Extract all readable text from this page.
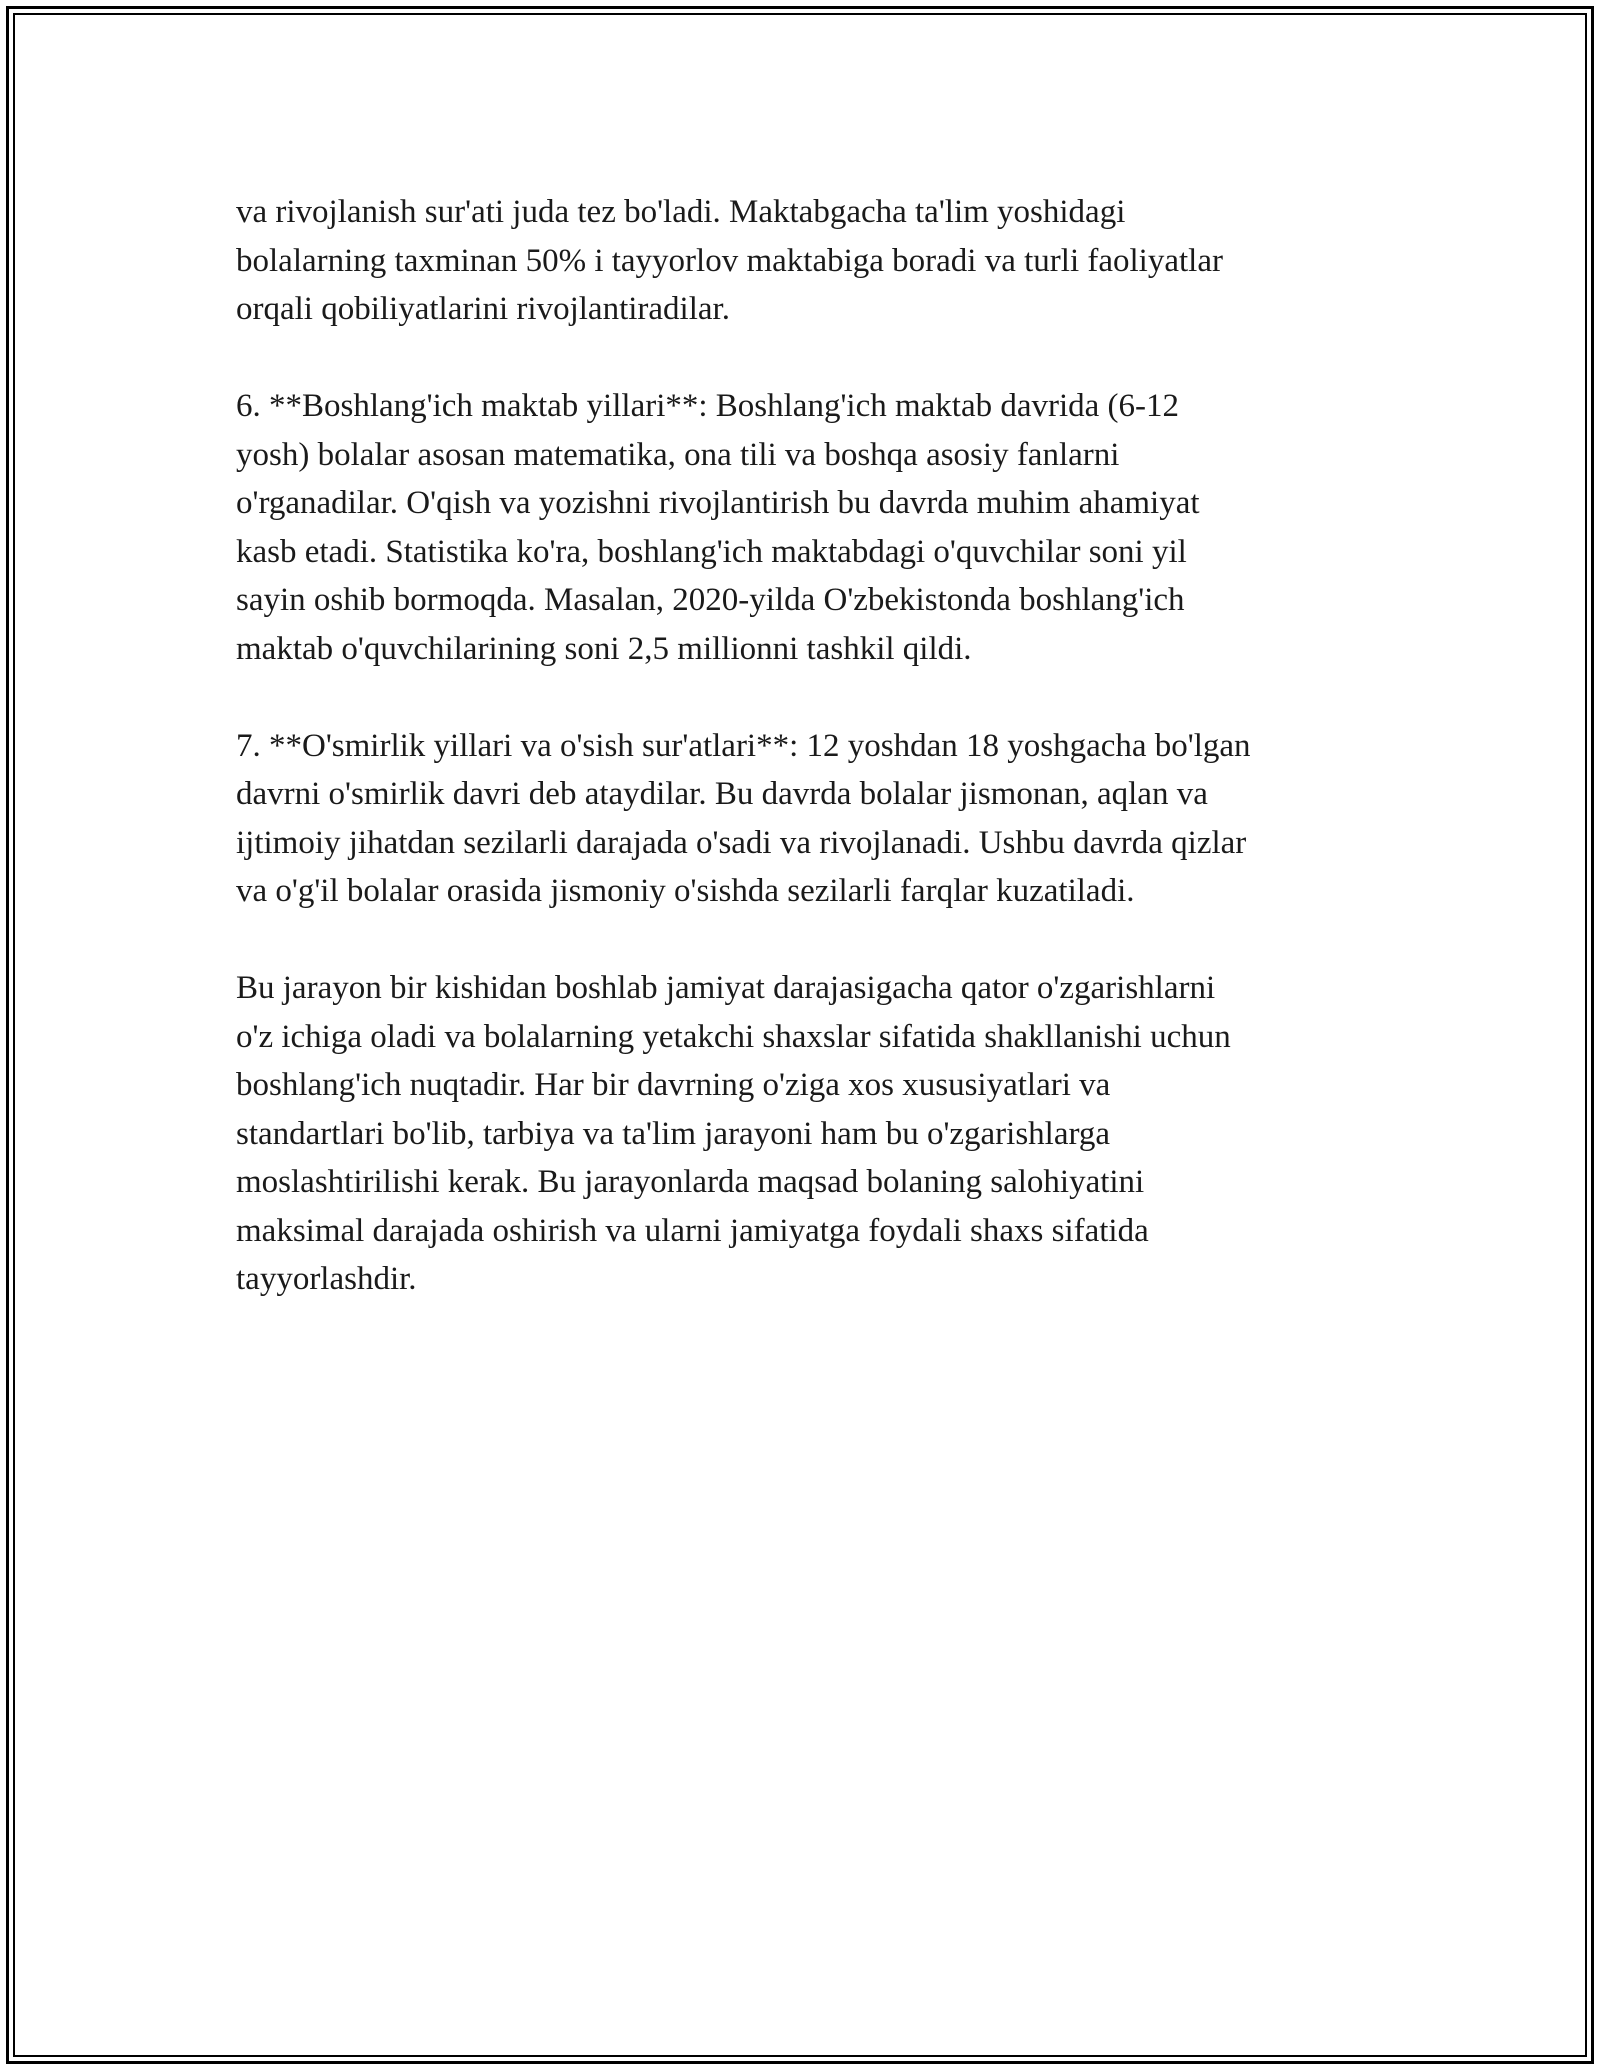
va rivojlanish sur'ati juda tez bo'ladi. Maktabgacha ta'lim yoshidagi
bolalarning taxminan 50% i tayyorlov maktabiga boradi va turli faoliyatlar
orqali qobiliyatlarini rivojlantiradilar.

6. **Boshlang'ich maktab yillari**: Boshlang'ich maktab davrida (6-12
yosh) bolalar asosan matematika, ona tili va boshqa asosiy fanlarni
o'rganadilar. O'qish va yozishni rivojlantirish bu davrda muhim ahamiyat
kasb etadi. Statistika ko'ra, boshlang'ich maktabdagi o'quvchilar soni yil
sayin oshib bormoqda. Masalan, 2020-yilda O'zbekistonda boshlang'ich
maktab o'quvchilarining soni 2,5 millionni tashkil qildi.

7. **O'smirlik yillari va o'sish sur'atlari**: 12 yoshdan 18 yoshgacha bo'lgan
davrni o'smirlik davri deb ataydilar. Bu davrda bolalar jismonan, aqlan va
ijtimoiy jihatdan sezilarli darajada o'sadi va rivojlanadi. Ushbu davrda qizlar
va o'g'il bolalar orasida jismoniy o'sishda sezilarli farqlar kuzatiladi.

Bu jarayon bir kishidan boshlab jamiyat darajasigacha qator o'zgarishlarni
o'z ichiga oladi va bolalarning yetakchi shaxslar sifatida shakllanishi uchun
boshlang'ich nuqtadir. Har bir davrning o'ziga xos xususiyatlari va
standartlari bo'lib, tarbiya va ta'lim jarayoni ham bu o'zgarishlarga
moslashtirilishi kerak. Bu jarayonlarda maqsad bolaning salohiyatini
maksimal darajada oshirish va ularni jamiyatga foydali shaxs sifatida
tayyorlashdir.
